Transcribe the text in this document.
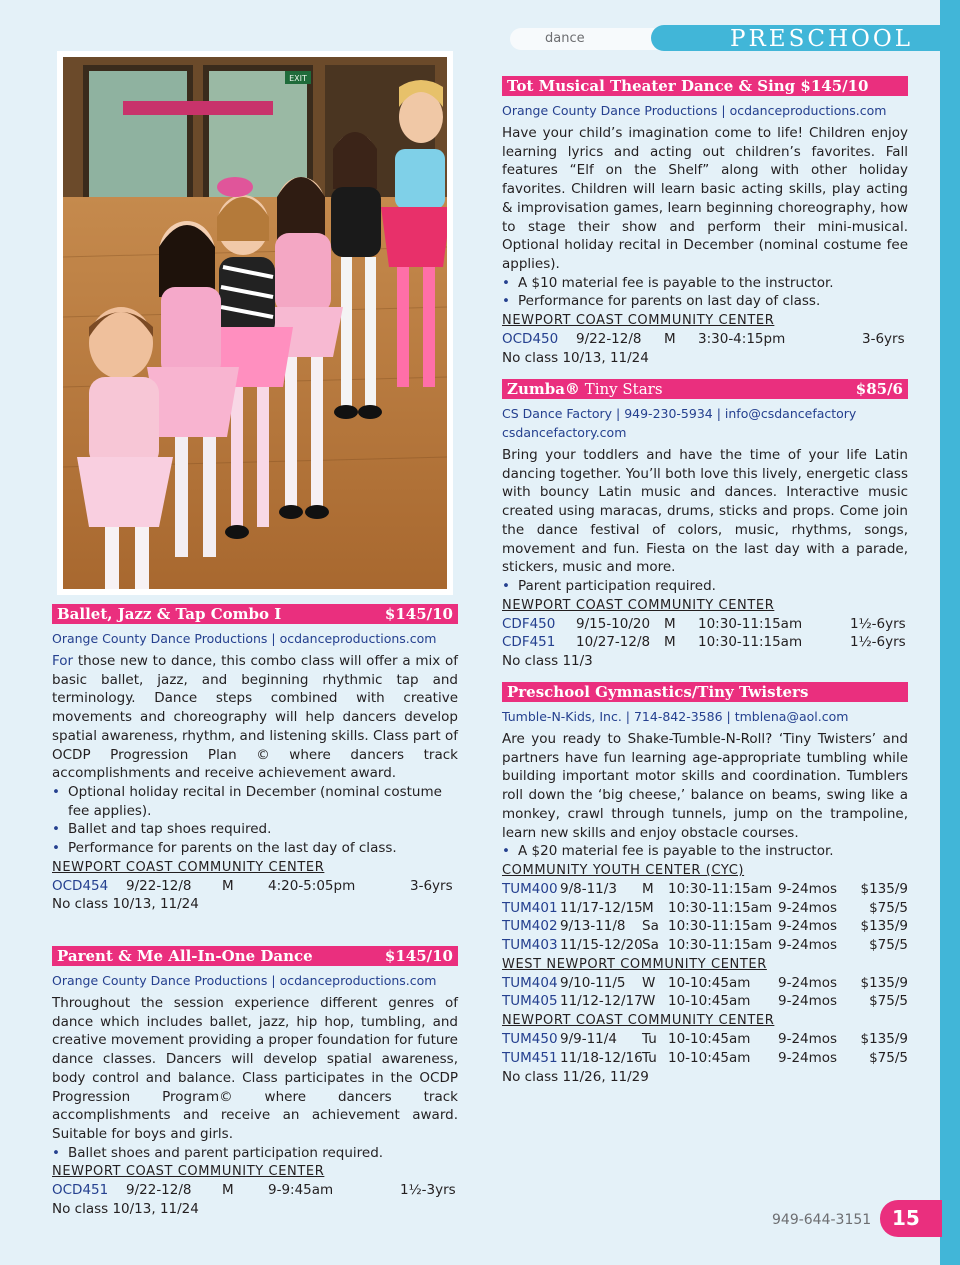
dance	PRESCHOOL
EXIT
Ballet, Jazz & Tap Combo I	$145/10
Orange County Dance Productions | ocdanceproductions.com

For those new to dance, this combo class will offer a mix of basic ballet, jazz, and beginning rhythmic tap and terminology. Dance steps combined with creative movements and choreography will help dancers develop spatial awareness, rhythm, and listening skills. Class part of OCDP Progression Plan © where dancers track accomplishments and receive achievement award.

• Optional holiday recital in December (nominal costume fee applies).
• Ballet and tap shoes required.
• Performance for parents on the last day of class.
NEWPORT COAST COMMUNITY CENTER
OCD454	9/22-12/8	M	4:20-5:05pm	3-6yrs
No class 10/13, 11/24
Parent & Me All-In-One Dance	$145/10
Orange County Dance Productions | ocdanceproductions.com

Throughout the session experience different genres of dance which includes ballet, jazz, hip hop, tumbling, and creative movement providing a proper foundation for future dance classes. Dancers will develop spatial awareness, body control and balance. Class participates in the OCDP Progression Program© where dancers track accomplishments and receive an achievement award. Suitable for boys and girls.

• Ballet shoes and parent participation required.
NEWPORT COAST COMMUNITY CENTER
OCD451	9/22-12/8	M	9-9:45am	1½-3yrs
No class 10/13, 11/24
Tot Musical Theater Dance & Sing $145/10
Orange County Dance Productions | ocdanceproductions.com

Have your child’s imagination come to life! Children enjoy learning lyrics and acting out children’s favorites. Fall features “Elf on the Shelf” along with other holiday favorites. Children will learn basic acting skills, play acting & improvisation games, learn beginning choreography, how to stage their show and perform their mini-musical. Optional holiday recital in December (nominal costume fee applies).

• A $10 material fee is payable to the instructor.
• Performance for parents on last day of class.
NEWPORT COAST COMMUNITY CENTER
OCD450	9/22-12/8	M	3:30-4:15pm	3-6yrs
No class 10/13, 11/24
Zumba® Tiny Stars	$85/6
CS Dance Factory | 949-230-5934 | info@csdancefactory csdancefactory.com

Bring your toddlers and have the time of your life Latin dancing together. You’ll both love this lively, energetic class with bouncy Latin music and dances. Interactive music created using maracas, drums, sticks and props. Come join the dance festival of colors, music, rhythms, songs, movement and fun. Fiesta on the last day with a parade, stickers, music and more.

• Parent participation required.
NEWPORT COAST COMMUNITY CENTER
CDF450	9/15-10/20	M	10:30-11:15am	1½-6yrs
CDF451	10/27-12/8	M	10:30-11:15am	1½-6yrs
No class 11/3
Preschool Gymnastics/Tiny Twisters
Tumble-N-Kids, Inc. | 714-842-3586 | tmblena@aol.com

Are you ready to Shake-Tumble-N-Roll? ‘Tiny Twisters’ and partners have fun learning age-appropriate tumbling while building important motor skills and coordination. Tumblers roll down the ‘big cheese,’ balance on beams, swing like a monkey, crawl through tunnels, jump on the trampoline, learn new skills and enjoy obstacle courses.

• A $20 material fee is payable to the instructor.
COMMUNITY YOUTH CENTER (CYC)
TUM400 9/8-11/3	M	10:30-11:15am 9-24mos	$135/9
TUM401 11/17-12/15 M	10:30-11:15am 9-24mos	$75/5
TUM402 9/13-11/8	Sa 10:30-11:15am 9-24mos	$135/9
TUM403 11/15-12/20 Sa 10:30-11:15am 9-24mos	$75/5
WEST NEWPORT COMMUNITY CENTER
TUM404 9/10-11/5	W 10-10:45am	9-24mos	$135/9
TUM405 11/12-12/17 W 10-10:45am	9-24mos	$75/5
NEWPORT COAST COMMUNITY CENTER
TUM450 9/9-11/4	Tu 10-10:45am	9-24mos	$135/9
TUM451 11/18-12/16 Tu 10-10:45am	9-24mos	$75/5
No class 11/26, 11/29
949-644-3151	15
